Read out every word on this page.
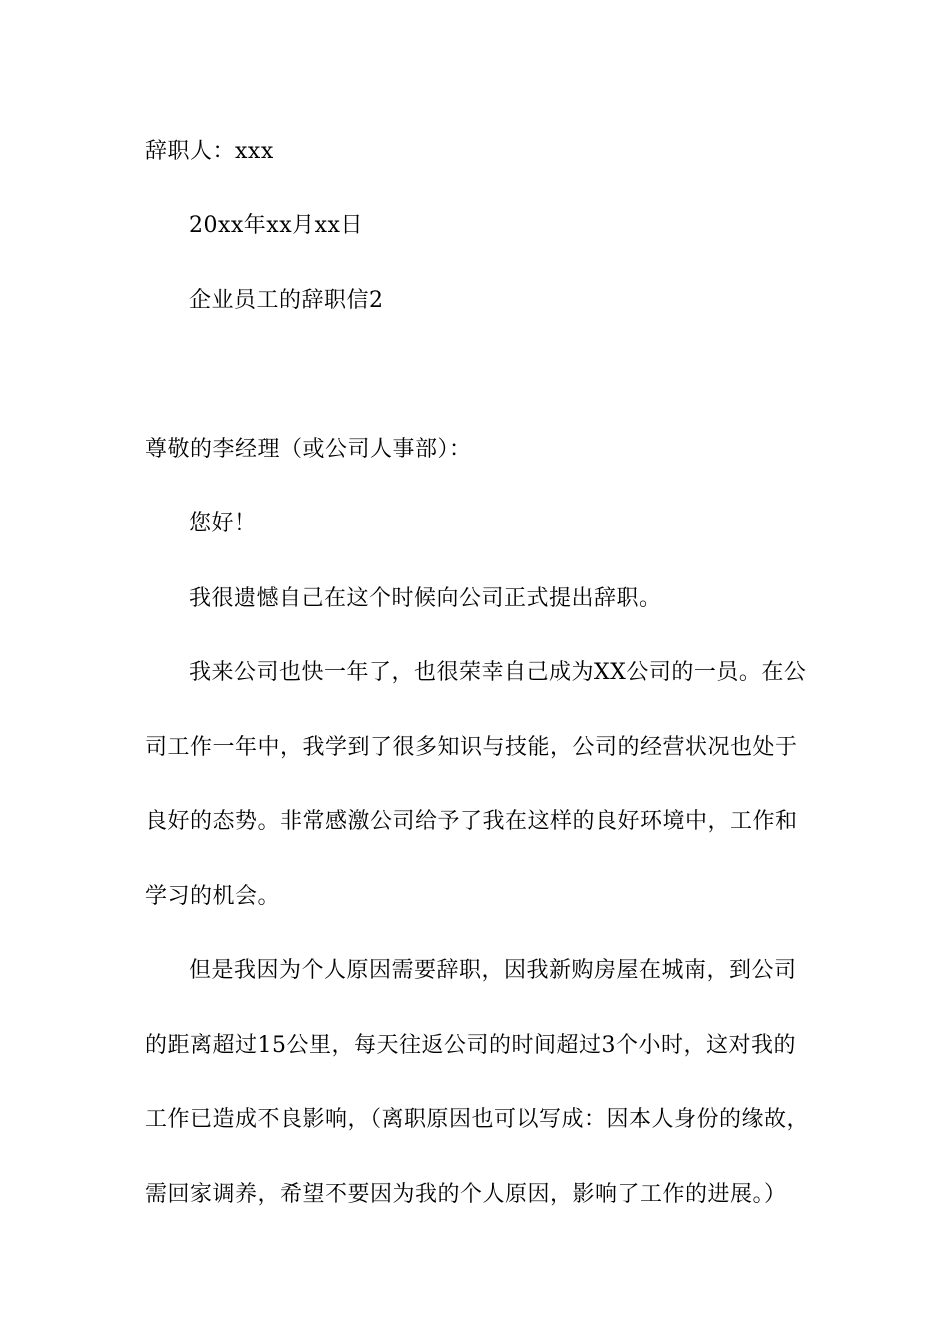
辞职人：xxx
20xx年xx月xx日
企业员工的辞职信2
尊敬的李经理（或公司人事部）：
您好！
我很遗憾自己在这个时候向公司正式提出辞职。
我来公司也快一年了，也很荣幸自己成为XX公司的一员。在公
司工作一年中，我学到了很多知识与技能，公司的经营状况也处于
良好的态势。非常感激公司给予了我在这样的良好环境中，工作和
学习的机会。
但是我因为个人原因需要辞职，因我新购房屋在城南，到公司
的距离超过15公里，每天往返公司的时间超过3个小时，这对我的
工作已造成不良影响，（离职原因也可以写成：因本人身份的缘故，
需回家调养，希望不要因为我的个人原因，影响了工作的进展。）
